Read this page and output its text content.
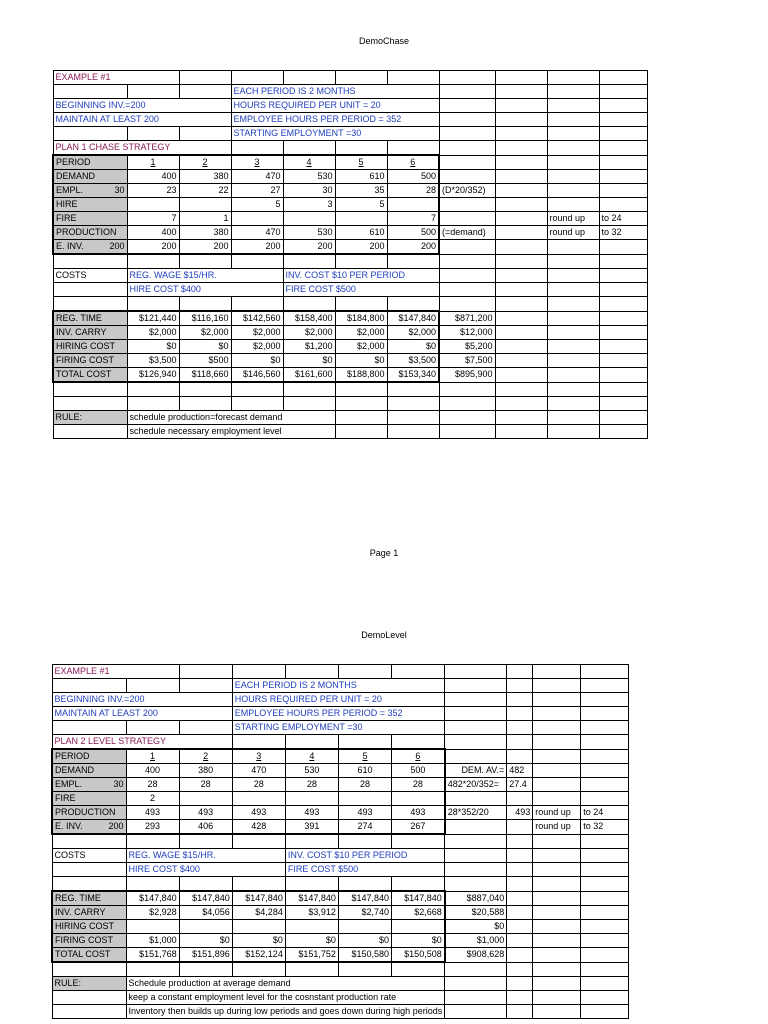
DemoChase
EXAMPLE #1										
			EACH PERIOD IS 2 MONTHS							
BEGINNING INV.=200			HOURS REQUIRED PER UNIT = 20							
MAINTAIN AT LEAST 200			EMPLOYEE HOURS PER PERIOD = 352							
			STARTING EMPLOYMENT =30							
PLAN 1 CHASE STRATEGY										
PERIOD	1	2	3	4	5	6				
DEMAND	400	380	470	530	610	500				
EMPL. 30	23	22	27	30	35	28	(D*20/352)			
HIRE			5	3	5					
FIRE	7	1				7			round up	to 24
PRODUCTION	400	380	470	530	610	500	(=demand)		round up	to 32
E. INV. 200	200	200	200	200	200	200				

COSTS	REG. WAGE $15/HR.			INV. COST $10 PER PERIOD						
	HIRE COST $400			FIRE COST $500						

REG. TIME	$121,440	$116,160	$142,560	$158,400	$184,800	$147,840	$871,200			
INV. CARRY	$2,000	$2,000	$2,000	$2,000	$2,000	$2,000	$12,000			
HIRING COST	$0	$0	$2,000	$1,200	$2,000	$0	$5,200			
FIRING COST	$3,500	$500	$0	$0	$0	$3,500	$7,500			
TOTAL COST	$126,940	$118,660	$146,560	$161,600	$188,800	$153,340	$895,900			

RULE:	schedule production=forecast demand									
	schedule necessary employment level									
Page 1
DemoLevel
EXAMPLE #1										
			EACH PERIOD IS 2 MONTHS							
BEGINNING INV.=200			HOURS REQUIRED PER UNIT = 20							
MAINTAIN AT LEAST 200			EMPLOYEE HOURS PER PERIOD = 352							
			STARTING EMPLOYMENT =30							
PLAN 2 LEVEL STRATEGY										
PERIOD	1	2	3	4	5	6				
DEMAND	400	380	470	530	610	500	DEM. AV.=	482		
EMPL. 30	28	28	28	28	28	28	482*20/352=	27.4		
FIRE	2									
PRODUCTION	493	493	493	493	493	493	28*352/20	493	round up	to 24
E. INV. 200	293	406	428	391	274	267			round up	to 32

COSTS	REG. WAGE $15/HR.			INV. COST $10 PER PERIOD						
	HIRE COST $400			FIRE COST $500						

REG. TIME	$147,840	$147,840	$147,840	$147,840	$147,840	$147,840	$887,040			
INV. CARRY	$2,928	$4,056	$4,284	$3,912	$2,740	$2,668	$20,588			
HIRING COST							$0			
FIRING COST	$1,000	$0	$0	$0	$0	$0	$1,000			
TOTAL COST	$151,768	$151,896	$152,124	$151,752	$150,580	$150,508	$908,628			

RULE:	Schedule production at average demand									
	keep a constant employment level for the cosnstant production rate									
	Inventory then builds up during low periods and goes down during high periods									
